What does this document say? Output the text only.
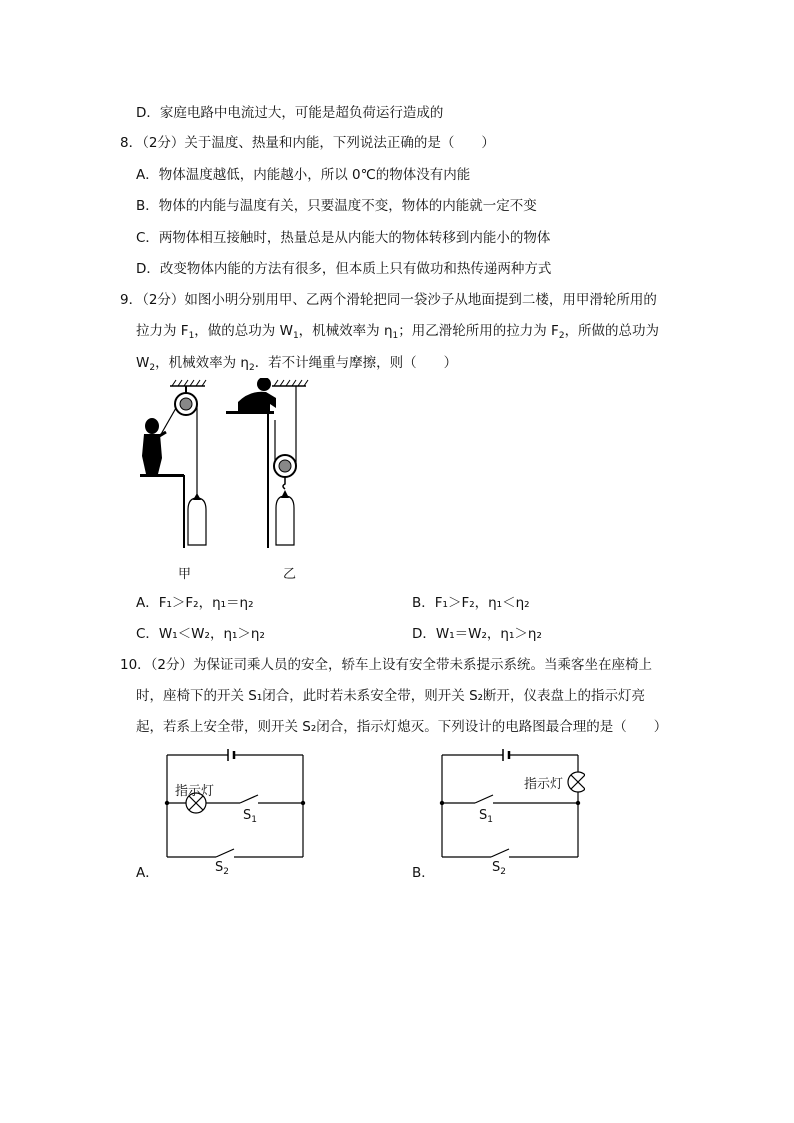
D．家庭电路中电流过大，可能是超负荷运行造成的
8．（2分）关于温度、热量和内能，下列说法正确的是（　　）
A．物体温度越低，内能越小，所以 0℃的物体没有内能
B．物体的内能与温度有关，只要温度不变，物体的内能就一定不变
C．两物体相互接触时，热量总是从内能大的物体转移到内能小的物体
D．改变物体内能的方法有很多，但本质上只有做功和热传递两种方式
9．（2分）如图小明分别用甲、乙两个滑轮把同一袋沙子从地面提到二楼，用甲滑轮所用的
拉力为 $F_1$，做的总功为 $W_1$，机械效率为 $\eta_1$；用乙滑轮所用的拉力为 $F_2$，所做的总功为
$W_2$，机械效率为 $\eta_2$．若不计绳重与摩擦，则（　　）
甲	乙
A．F₁＞F₂，η₁＝η₂	B．F₁＞F₂，η₁＜η₂
C．W₁＜W₂，η₁＞η₂	D．W₁＝W₂，η₁＞η₂
10．（2分）为保证司乘人员的安全，轿车上设有安全带未系提示系统。当乘客坐在座椅上
时，座椅下的开关 S₁闭合，此时若未系安全带，则开关 S₂断开，仪表盘上的指示灯亮
起，若系上安全带，则开关 S₂闭合，指示灯熄灭。下列设计的电路图最合理的是（　　）
指示灯
$S_1$
$S_2$
A．
指示灯
$S_1$
$S_2$
B．
